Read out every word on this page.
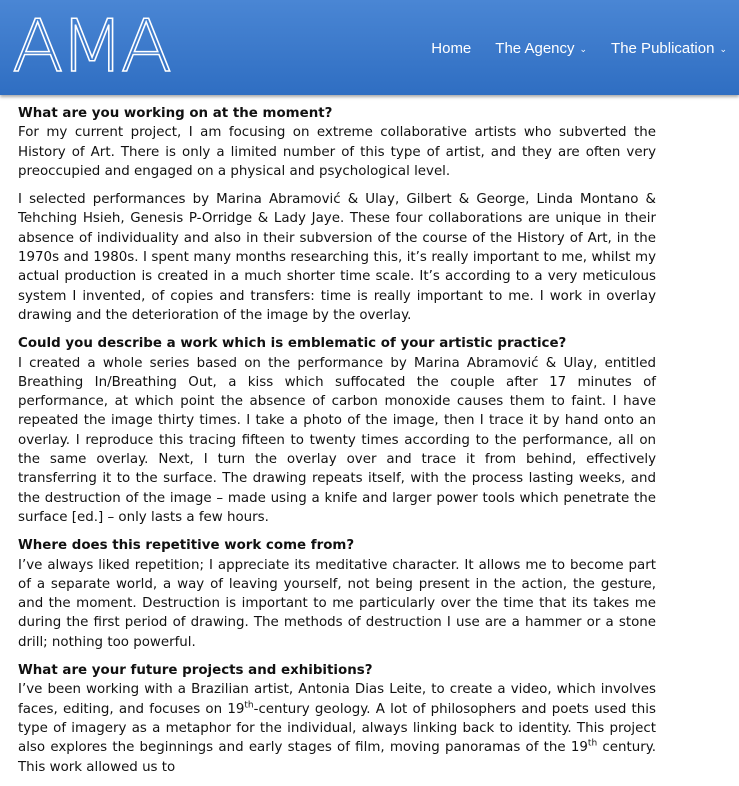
AMA	Home The Agency ⌄ The Publication ⌄

What are you working on at the moment?

For my current project, I am focusing on extreme collaborative artists who subverted the History of Art. There is only a limited number of this type of artist, and they are often very preoccupied and engaged on a physical and psychological level.

I selected performances by Marina Abramović & Ulay, Gilbert & George, Linda Montano & Tehching Hsieh, Genesis P-Orridge & Lady Jaye. These four collaborations are unique in their absence of individuality and also in their subversion of the course of the History of Art, in the 1970s and 1980s. I spent many months researching this, it’s really important to me, whilst my actual production is created in a much shorter time scale. It’s according to a very meticulous system I invented, of copies and transfers: time is really important to me. I work in overlay drawing and the deterioration of the image by the overlay.

Could you describe a work which is emblematic of your artistic practice?

I created a whole series based on the performance by Marina Abramović & Ulay, entitled Breathing In/Breathing Out, a kiss which suffocated the couple after 17 minutes of performance, at which point the absence of carbon monoxide causes them to faint. I have repeated the image thirty times. I take a photo of the image, then I trace it by hand onto an overlay. I reproduce this tracing fifteen to twenty times according to the performance, all on the same overlay. Next, I turn the overlay over and trace it from behind, effectively transferring it to the surface. The drawing repeats itself, with the process lasting weeks, and the destruction of the image – made using a knife and larger power tools which penetrate the surface [ed.] – only lasts a few hours.

Where does this repetitive work come from?

I’ve always liked repetition; I appreciate its meditative character. It allows me to become part of a separate world, a way of leaving yourself, not being present in the action, the gesture, and the moment. Destruction is important to me particularly over the time that its takes me during the first period of drawing. The methods of destruction I use are a hammer or a stone drill; nothing too powerful.

What are your future projects and exhibitions?

I’ve been working with a Brazilian artist, Antonia Dias Leite, to create a video, which involves faces, editing, and focuses on 19th-century geology. A lot of philosophers and poets used this type of imagery as a metaphor for the individual, always linking back to identity. This project also explores the beginnings and early stages of film, moving panoramas of the 19th century. This work allowed us to
